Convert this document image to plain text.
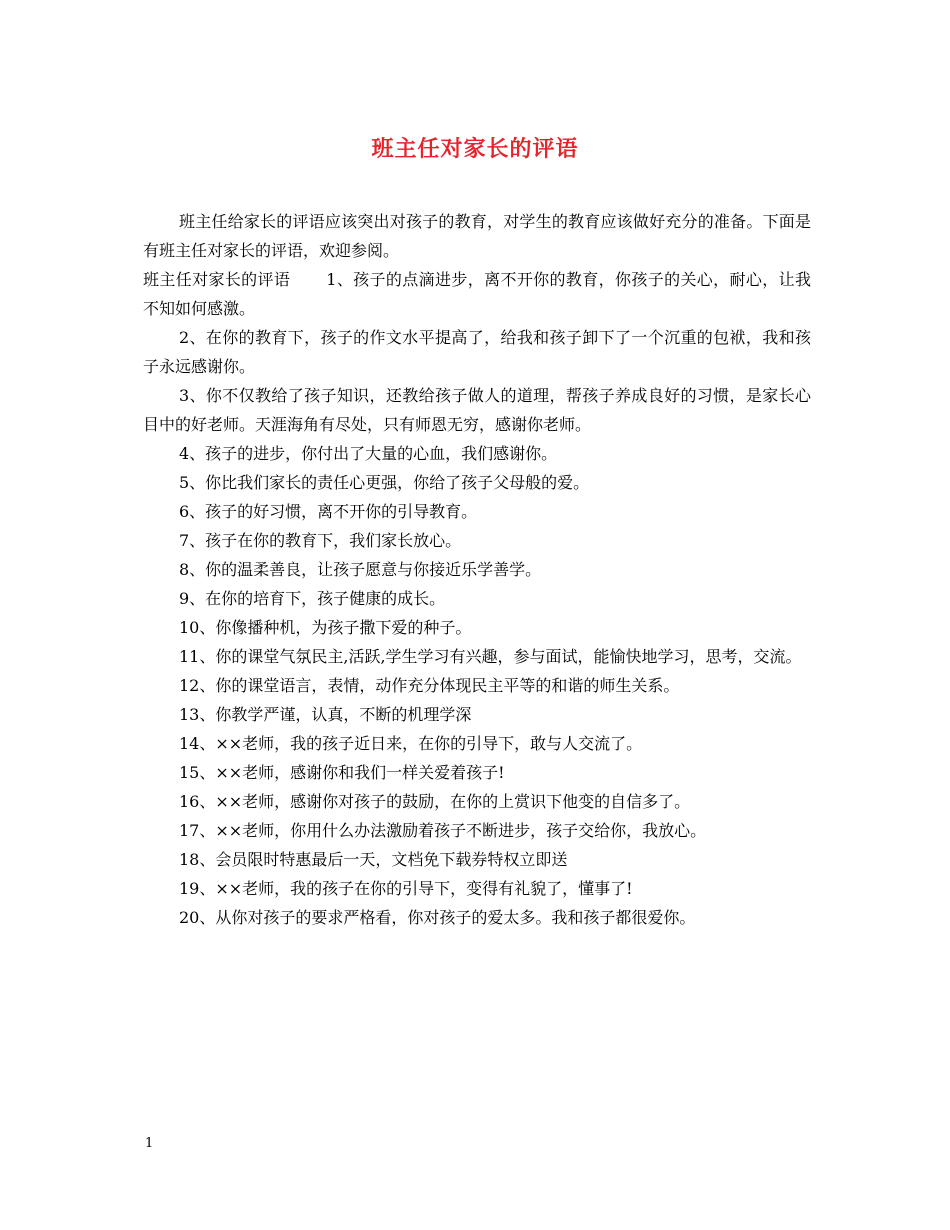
班主任对家长的评语

班主任给家长的评语应该突出对孩子的教育，对学生的教育应该做好充分的准备。下面是有班主任对家长的评语，欢迎参阅。

班主任对家长的评语 1、孩子的点滴进步，离不开你的教育，你孩子的关心，耐心，让我不知如何感激。

2、在你的教育下，孩子的作文水平提高了，给我和孩子卸下了一个沉重的包袱，我和孩子永远感谢你。

3、你不仅教给了孩子知识，还教给孩子做人的道理，帮孩子养成良好的习惯，是家长心目中的好老师。天涯海角有尽处，只有师恩无穷，感谢你老师。

4、孩子的进步，你付出了大量的心血，我们感谢你。

5、你比我们家长的责任心更强，你给了孩子父母般的爱。

6、孩子的好习惯，离不开你的引导教育。

7、孩子在你的教育下，我们家长放心。

8、你的温柔善良，让孩子愿意与你接近乐学善学。

9、在你的培育下，孩子健康的成长。

10、你像播种机，为孩子撒下爱的种子。

11、你的课堂气氛民主,活跃,学生学习有兴趣，参与面试，能愉快地学习，思考，交流。

12、你的课堂语言，表情，动作充分体现民主平等的和谐的师生关系。

13、你教学严谨，认真，不断的机理学深

14、××老师，我的孩子近日来，在你的引导下，敢与人交流了。

15、××老师，感谢你和我们一样关爱着孩子!

16、××老师，感谢你对孩子的鼓励，在你的上赏识下他变的自信多了。

17、××老师，你用什么办法激励着孩子不断进步，孩子交给你，我放心。

18、会员限时特惠最后一天，文档免下载券特权立即送

19、××老师，我的孩子在你的引导下，变得有礼貌了，懂事了!

20、从你对孩子的要求严格看，你对孩子的爱太多。我和孩子都很爱你。

1
